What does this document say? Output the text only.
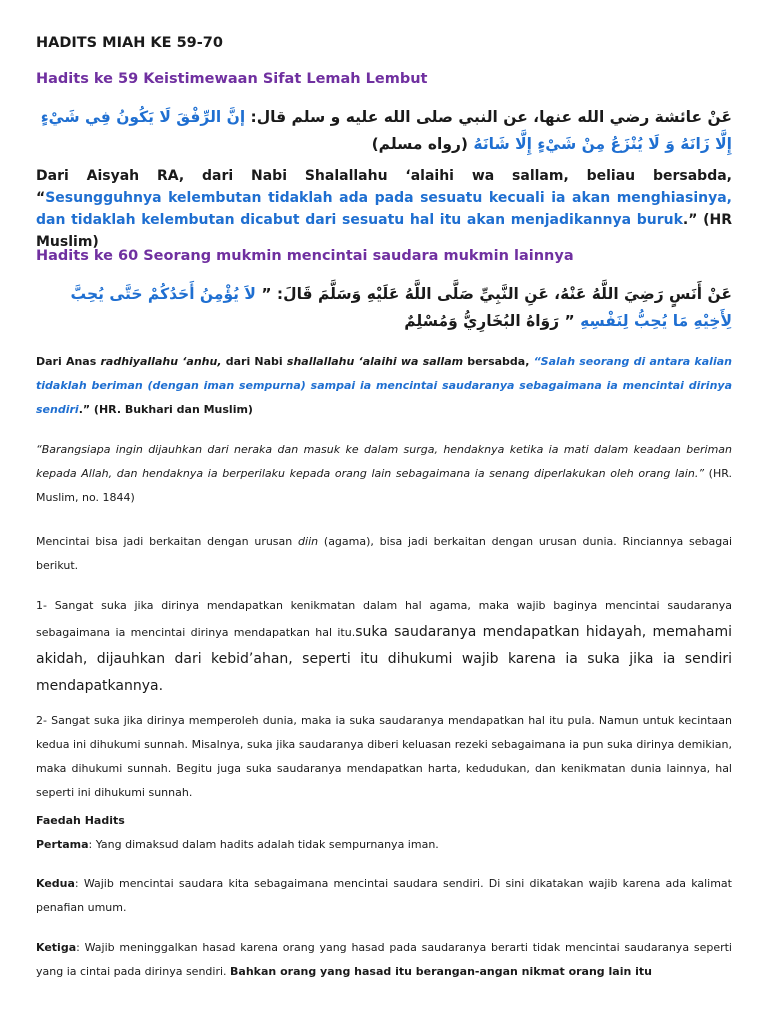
HADITS MIAH KE 59-70

Hadits ke 59 Keistimewaan Sifat Lemah Lembut

عَنْ عائشة رضي الله عنها، عن النبي صلى الله عليه و سلم قال: إنَّ الرِّفْقَ لَا يَكُونُ فِي شَيْءٍ إِلَّا زَانَهُ وَ لَا يُنْزَعُ مِنْ شَيْءٍ إِلَّا شَانَهُ (رواه مسلم)

Dari Aisyah RA, dari Nabi Shalallahu ‘alaihi wa sallam, beliau bersabda, “Sesungguhnya kelembutan tidaklah ada pada sesuatu kecuali ia akan menghiasinya, dan tidaklah kelembutan dicabut dari sesuatu hal itu akan menjadikannya buruk.” (HR Muslim)

Hadits ke 60 Seorang mukmin mencintai saudara mukmin lainnya

عَنْ أَنَسٍ رَضِيَ اللَّهُ عَنْهُ، عَنِ النَّبِيِّ صَلَّى اللَّهُ عَلَيْهِ وَسَلَّمَ قَالَ: ” لاَ يُؤْمِنُ أَحَدُكُمْ حَتَّى يُحِبَّ لِأَخِيْهِ مَا يُحِبُّ لِنَفْسِهِ ” رَوَاهُ البُخَارِيُّ وَمُسْلِمٌ

Dari Anas radhiyallahu ‘anhu, dari Nabi shallallahu ‘alaihi wa sallam bersabda, “Salah seorang di antara kalian tidaklah beriman (dengan iman sempurna) sampai ia mencintai saudaranya sebagaimana ia mencintai dirinya sendiri.” (HR. Bukhari dan Muslim)

“Barangsiapa ingin dijauhkan dari neraka dan masuk ke dalam surga, hendaknya ketika ia mati dalam keadaan beriman kepada Allah, dan hendaknya ia berperilaku kepada orang lain sebagaimana ia senang diperlakukan oleh orang lain.” (HR. Muslim, no. 1844)

Mencintai bisa jadi berkaitan dengan urusan diin (agama), bisa jadi berkaitan dengan urusan dunia. Rinciannya sebagai berikut.

1- Sangat suka jika dirinya mendapatkan kenikmatan dalam hal agama, maka wajib baginya mencintai saudaranya sebagaimana ia mencintai dirinya mendapatkan hal itu.suka saudaranya mendapatkan hidayah, memahami akidah, dijauhkan dari kebid’ahan, seperti itu dihukumi wajib karena ia suka jika ia sendiri mendapatkannya.

2- Sangat suka jika dirinya memperoleh dunia, maka ia suka saudaranya mendapatkan hal itu pula. Namun untuk kecintaan kedua ini dihukumi sunnah. Misalnya, suka jika saudaranya diberi keluasan rezeki sebagaimana ia pun suka dirinya demikian, maka dihukumi sunnah. Begitu juga suka saudaranya mendapatkan harta, kedudukan, dan kenikmatan dunia lainnya, hal seperti ini dihukumi sunnah.

Faedah Hadits

Pertama: Yang dimaksud dalam hadits adalah tidak sempurnanya iman.

Kedua: Wajib mencintai saudara kita sebagaimana mencintai saudara sendiri. Di sini dikatakan wajib karena ada kalimat penafian umum.

Ketiga: Wajib meninggalkan hasad karena orang yang hasad pada saudaranya berarti tidak mencintai saudaranya seperti yang ia cintai pada dirinya sendiri. Bahkan orang yang hasad itu berangan-angan nikmat orang lain itu
